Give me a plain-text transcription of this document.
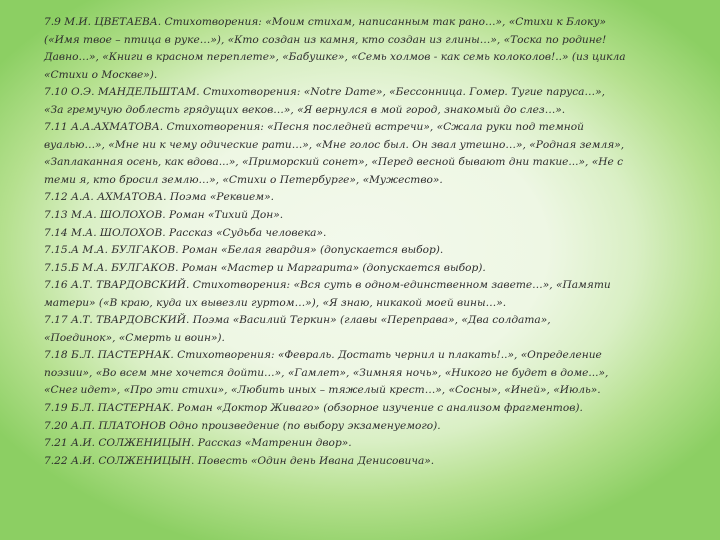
7.9 М.И. ЦВЕТАЕВА. Стихотворения: «Моим стихам, написанным так рано…», «Стихи к Блоку»
(«Имя твое – птица в руке…»), «Кто создан из камня, кто создан из глины…», «Тоска по родине!
Давно…», «Книги в красном переплете», «Бабушке», «Семь холмов - как семь колоколов!..» (из цикла
«Стихи о Москве»).
7.10 О.Э. МАНДЕЛЬШТАМ. Стихотворения: «Notre Dame», «Бессонница. Гомер. Тугие паруса…»,
«За гремучую доблесть грядущих веков…», «Я вернулся в мой город, знакомый до слез…».
7.11 А.А.АХМАТОВА. Стихотворения: «Песня последней встречи», «Сжала руки под темной
вуалью…», «Мне ни к чему одические рати…», «Мне голос был. Он звал утешно…», «Родная земля»,
«Заплаканная осень, как вдова...», «Приморский сонет», «Перед весной бывают дни такие...», «Не с
теми я, кто бросил землю…», «Стихи о Петербурге», «Мужество».
7.12 А.А. АХМАТОВА. Поэма «Реквием».
7.13 М.А. ШОЛОХОВ. Роман «Тихий Дон».
7.14 М.А. ШОЛОХОВ. Рассказ «Судьба человека».
7.15.А М.А. БУЛГАКОВ. Роман «Белая гвардия» (допускается выбор).
7.15.Б М.А. БУЛГАКОВ. Роман «Мастер и Маргарита» (допускается выбор).
7.16 А.Т. ТВАРДОВСКИЙ. Стихотворения: «Вся суть в одном-единственном завете…», «Памяти
матери» («В краю, куда их вывезли гуртом…»), «Я знаю, никакой моей вины…».
7.17 А.Т. ТВАРДОВСКИЙ. Поэма «Василий Теркин» (главы «Переправа», «Два солдата»,
«Поединок», «Смерть и воин»).
7.18 Б.Л. ПАСТЕРНАК. Стихотворения: «Февраль. Достать чернил и плакать!..», «Определение
поэзии», «Во всем мне хочется дойти…», «Гамлет», «Зимняя ночь», «Никого не будет в доме...»,
«Снег идет», «Про эти стихи», «Любить иных – тяжелый крест…», «Сосны», «Иней», «Июль».
7.19 Б.Л. ПАСТЕРНАК. Роман «Доктор Живаго» (обзорное изучение с анализом фрагментов).
7.20 А.П. ПЛАТОНОВ Одно произведение (по выбору экзаменуемого).
7.21 А.И. СОЛЖЕНИЦЫН. Рассказ «Матренин двор».
7.22 А.И. СОЛЖЕНИЦЫН. Повесть «Один день Ивана Денисовича».
